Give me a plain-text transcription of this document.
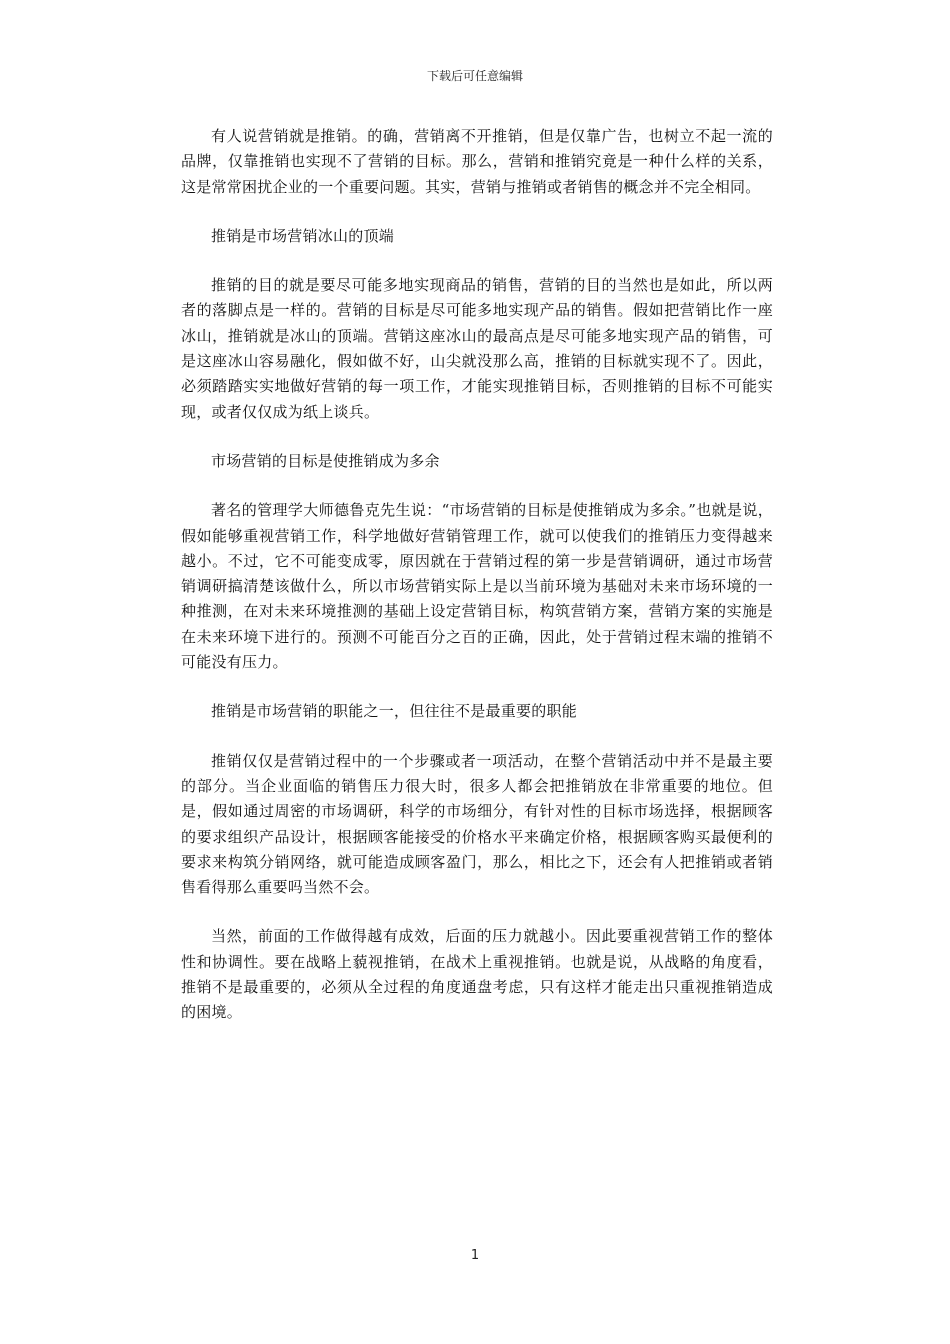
下载后可任意编辑

有人说营销就是推销。的确，营销离不开推销，但是仅靠广告，也树立不起一流的品牌，仅靠推销也实现不了营销的目标。那么，营销和推销究竟是一种什么样的关系，这是常常困扰企业的一个重要问题。其实，营销与推销或者销售的概念并不完全相同。

推销是市场营销冰山的顶端

推销的目的就是要尽可能多地实现商品的销售，营销的目的当然也是如此，所以两者的落脚点是一样的。营销的目标是尽可能多地实现产品的销售。假如把营销比作一座冰山，推销就是冰山的顶端。营销这座冰山的最高点是尽可能多地实现产品的销售，可是这座冰山容易融化，假如做不好，山尖就没那么高，推销的目标就实现不了。因此，必须踏踏实实地做好营销的每一项工作，才能实现推销目标，否则推销的目标不可能实现，或者仅仅成为纸上谈兵。

市场营销的目标是使推销成为多余

著名的管理学大师德鲁克先生说：“市场营销的目标是使推销成为多余。”也就是说，假如能够重视营销工作，科学地做好营销管理工作，就可以使我们的推销压力变得越来越小。不过，它不可能变成零，原因就在于营销过程的第一步是营销调研，通过市场营销调研搞清楚该做什么，所以市场营销实际上是以当前环境为基础对未来市场环境的一种推测，在对未来环境推测的基础上设定营销目标，构筑营销方案，营销方案的实施是在未来环境下进行的。预测不可能百分之百的正确，因此，处于营销过程末端的推销不可能没有压力。

推销是市场营销的职能之一，但往往不是最重要的职能

推销仅仅是营销过程中的一个步骤或者一项活动，在整个营销活动中并不是最主要的部分。当企业面临的销售压力很大时，很多人都会把推销放在非常重要的地位。但是，假如通过周密的市场调研，科学的市场细分，有针对性的目标市场选择，根据顾客的要求组织产品设计，根据顾客能接受的价格水平来确定价格，根据顾客购买最便利的要求来构筑分销网络，就可能造成顾客盈门，那么，相比之下，还会有人把推销或者销售看得那么重要吗当然不会。

当然，前面的工作做得越有成效，后面的压力就越小。因此要重视营销工作的整体性和协调性。要在战略上藐视推销，在战术上重视推销。也就是说，从战略的角度看，推销不是最重要的，必须从全过程的角度通盘考虑，只有这样才能走出只重视推销造成的困境。

1
